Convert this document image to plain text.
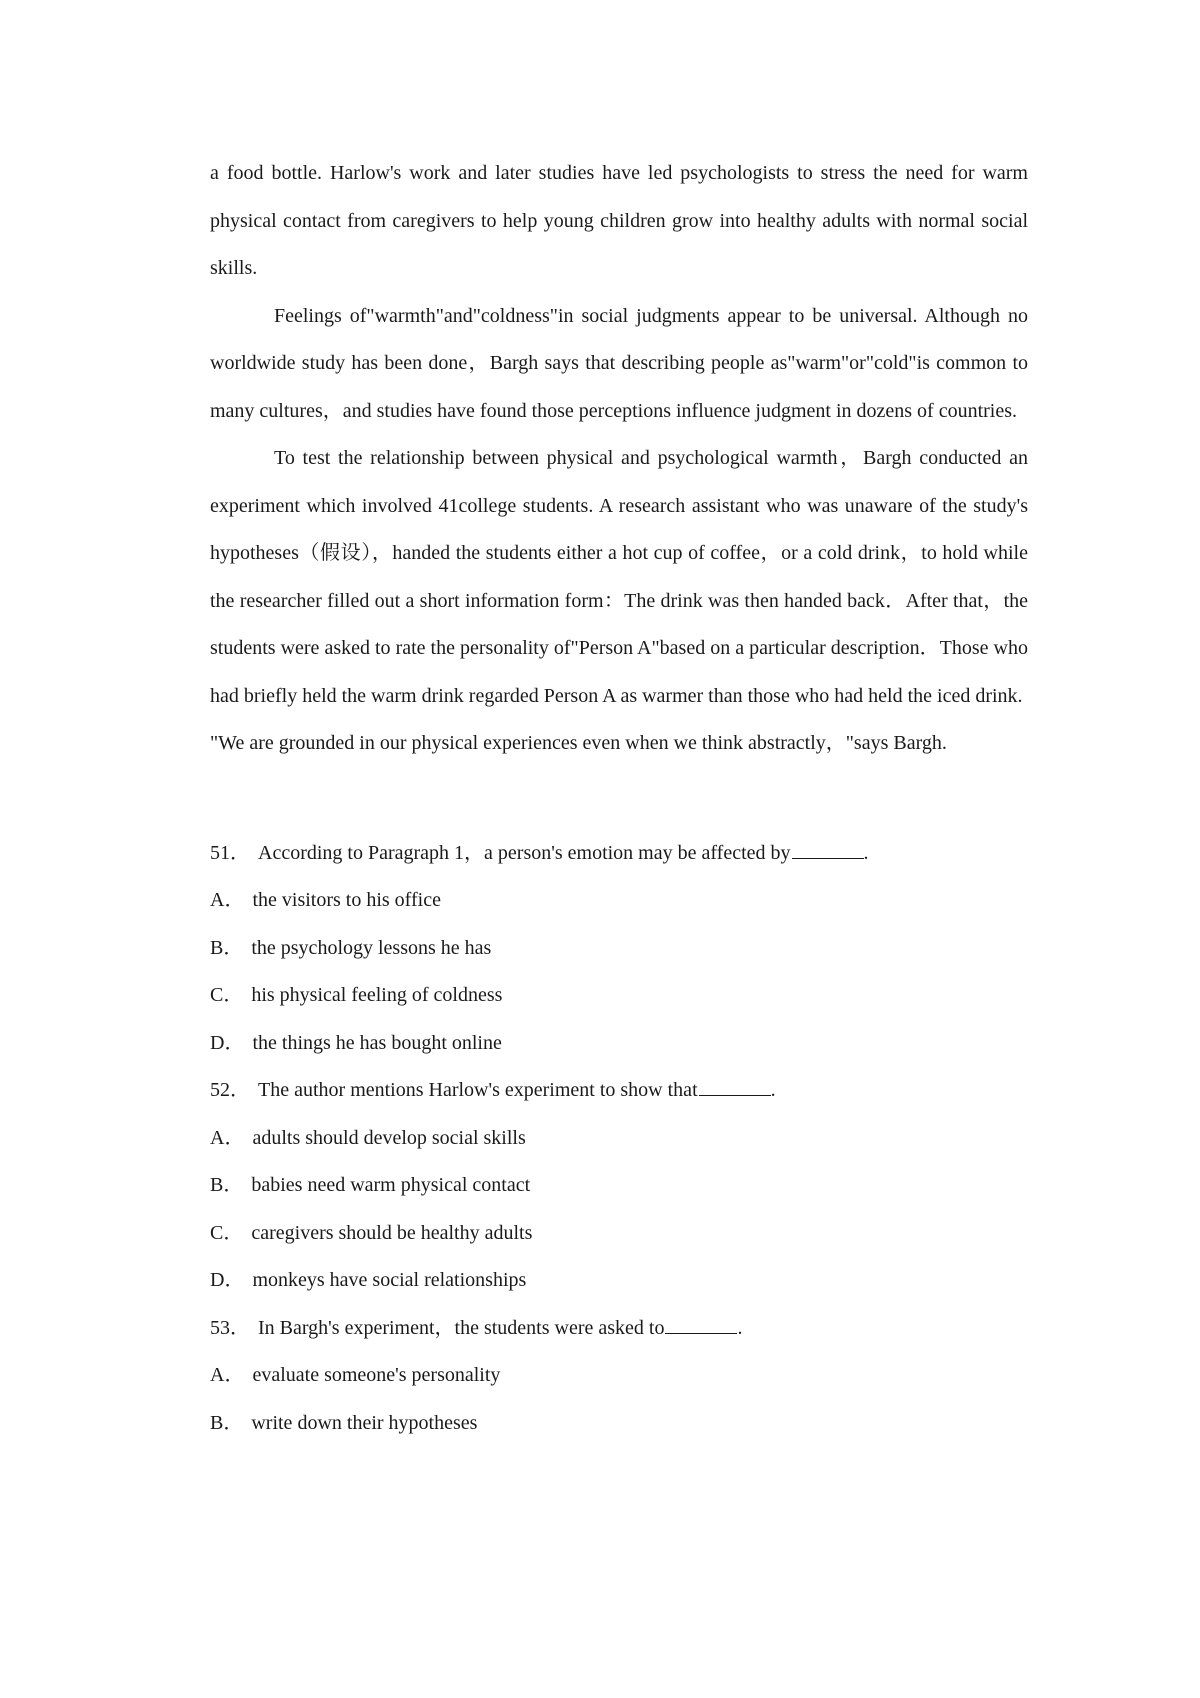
a food bottle. Harlow's work and later studies have led psychologists to stress the need for warm physical contact from caregivers to help young children grow into healthy adults with normal social skills.

Feelings of"warmth"and"coldness"in social judgments appear to be universal. Although no worldwide study has been done，Bargh says that describing people as"warm"or"cold"is common to many cultures，and studies have found those perceptions influence judgment in dozens of countries.

To test the relationship between physical and psychological warmth，Bargh conducted an experiment which involved 41college students. A research assistant who was unaware of the study's hypotheses（假设），handed the students either a hot cup of coffee，or a cold drink，to hold while the researcher filled out a short information form：The drink was then handed back．After that，the students were asked to rate the personality of"Person A"based on a particular description．Those who had briefly held the warm drink regarded Person A as warmer than those who had held the iced drink.

"We are grounded in our physical experiences even when we think abstractly，"says Bargh.

51． According to Paragraph 1，a person's emotion may be affected by	.

A． the visitors to his office

B． the psychology lessons he has

C． his physical feeling of coldness

D． the things he has bought online

52． The author mentions Harlow's experiment to show that	.

A． adults should develop social skills

B． babies need warm physical contact

C． caregivers should be healthy adults

D． monkeys have social relationships

53． In Bargh's experiment，the students were asked to	.

A． evaluate someone's personality

B． write down their hypotheses
